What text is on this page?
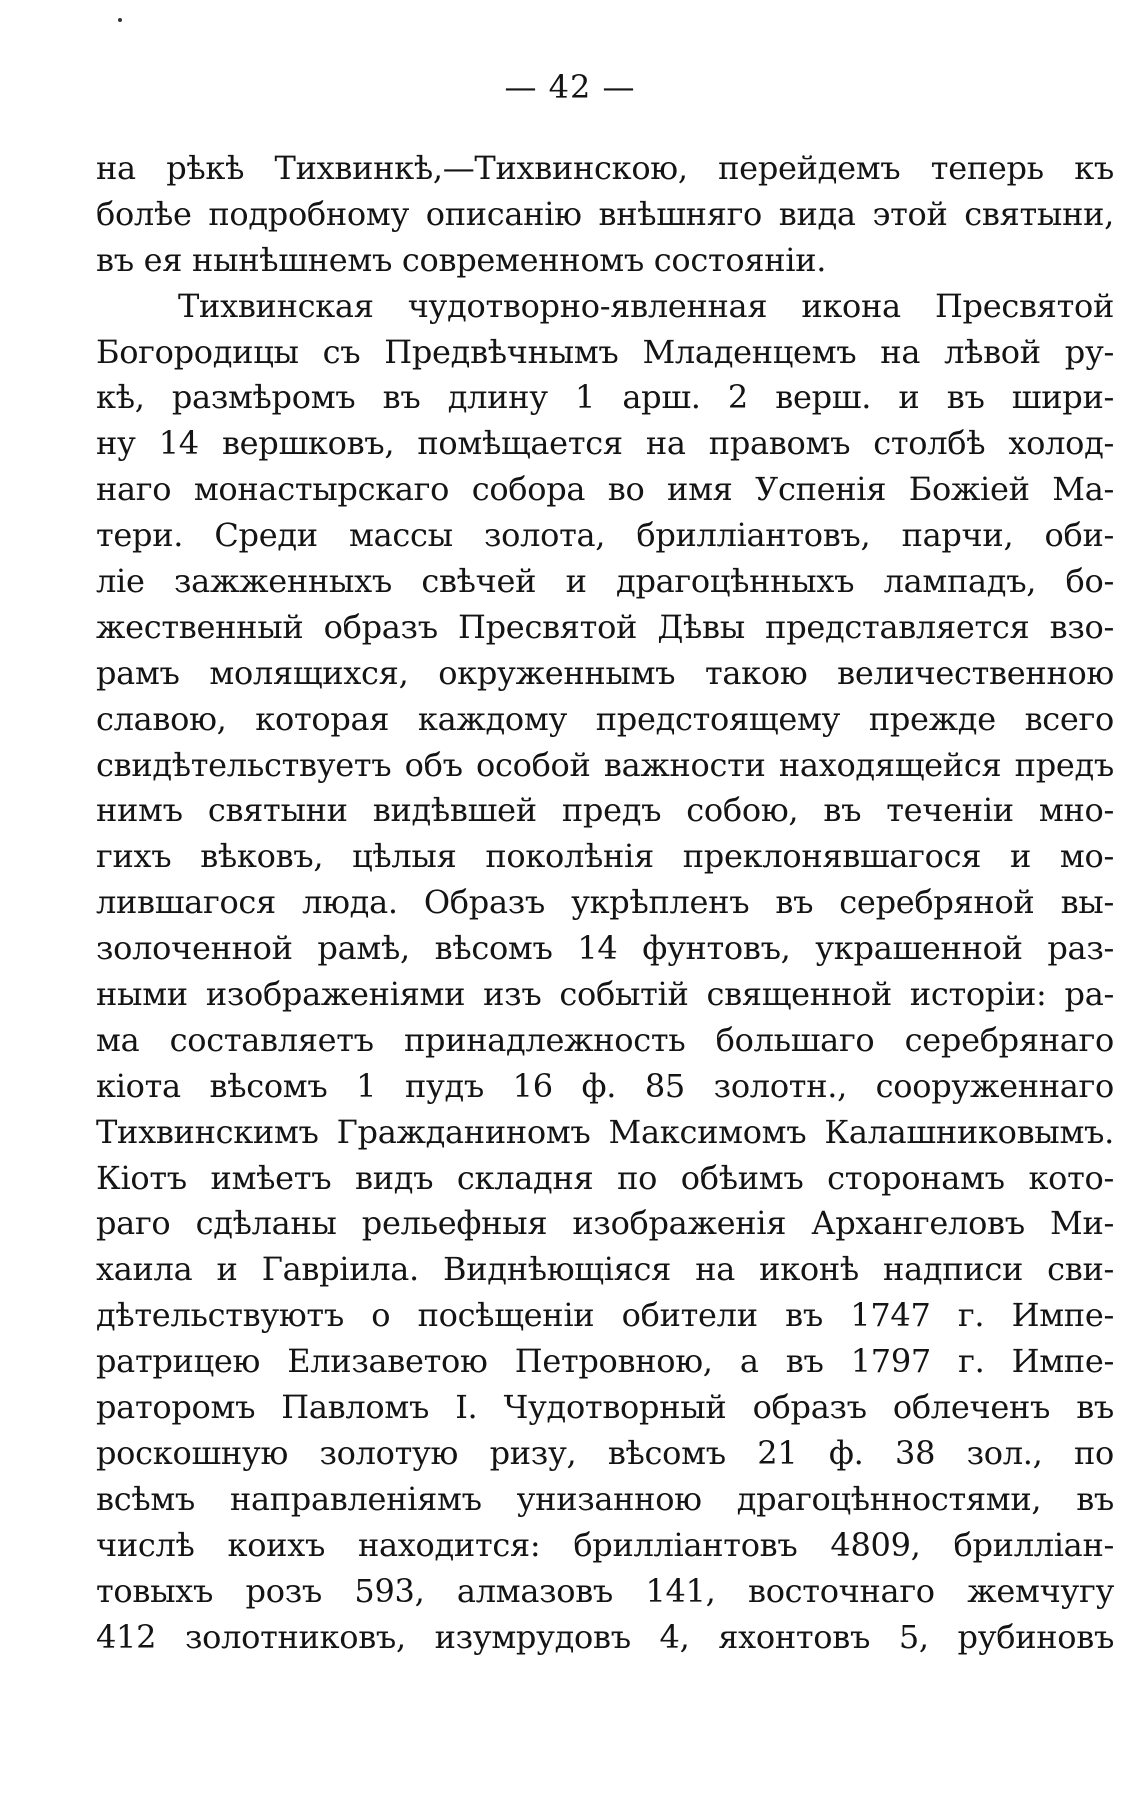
— 42 —
на рѣкѣ Тихвинкѣ,—Тихвинскою, перейдемъ теперь къ
болѣе подробному описанію внѣшняго вида этой святыни,
въ ея нынѣшнемъ современномъ состояніи.
Тихвинская чудотворно-явленная икона Пресвятой
Богородицы съ Предвѣчнымъ Младенцемъ на лѣвой ру-
кѣ, размѣромъ въ длину 1 арш. 2 верш. и въ шири-
ну 14 вершковъ, помѣщается на правомъ столбѣ холод-
наго монастырскаго собора во имя Успенія Божіей Ма-
тери. Среди массы золота, брилліантовъ, парчи, оби-
ліе зажженныхъ свѣчей и драгоцѣнныхъ лампадъ, бо-
жественный образъ Пресвятой Дѣвы представляется взо-
рамъ молящихся, окруженнымъ такою величественною
славою, которая каждому предстоящему прежде всего
свидѣтельствуетъ объ особой важности находящейся предъ
нимъ святыни видѣвшей предъ собою, въ теченіи мно-
гихъ вѣковъ, цѣлыя поколѣнія преклонявшагося и мо-
лившагося люда. Образъ укрѣпленъ въ серебряной вы-
золоченной рамѣ, вѣсомъ 14 фунтовъ, украшенной раз-
ными изображеніями изъ событій священной исторіи: ра-
ма составляетъ принадлежность большаго серебрянаго
кіота вѣсомъ 1 пудъ 16 ф. 85 золотн., сооруженнаго
Тихвинскимъ Гражданиномъ Максимомъ Калашниковымъ.
Кіотъ имѣетъ видъ складня по обѣимъ сторонамъ кото-
раго сдѣланы рельефныя изображенія Архангеловъ Ми-
хаила и Гавріила. Виднѣющіяся на иконѣ надписи сви-
дѣтельствуютъ о посѣщеніи обители въ 1747 г. Импе-
ратрицею Елизаветою Петровною, а въ 1797 г. Импе-
раторомъ Павломъ I. Чудотворный образъ облеченъ въ
роскошную золотую ризу, вѣсомъ 21 ф. 38 зол., по
всѣмъ направленіямъ унизанною драгоцѣнностями, въ
числѣ коихъ находится: брилліантовъ 4809, брилліан-
товыхъ розъ 593, алмазовъ 141, восточнаго жемчугу
412 золотниковъ, изумрудовъ 4, яхонтовъ 5, рубиновъ
